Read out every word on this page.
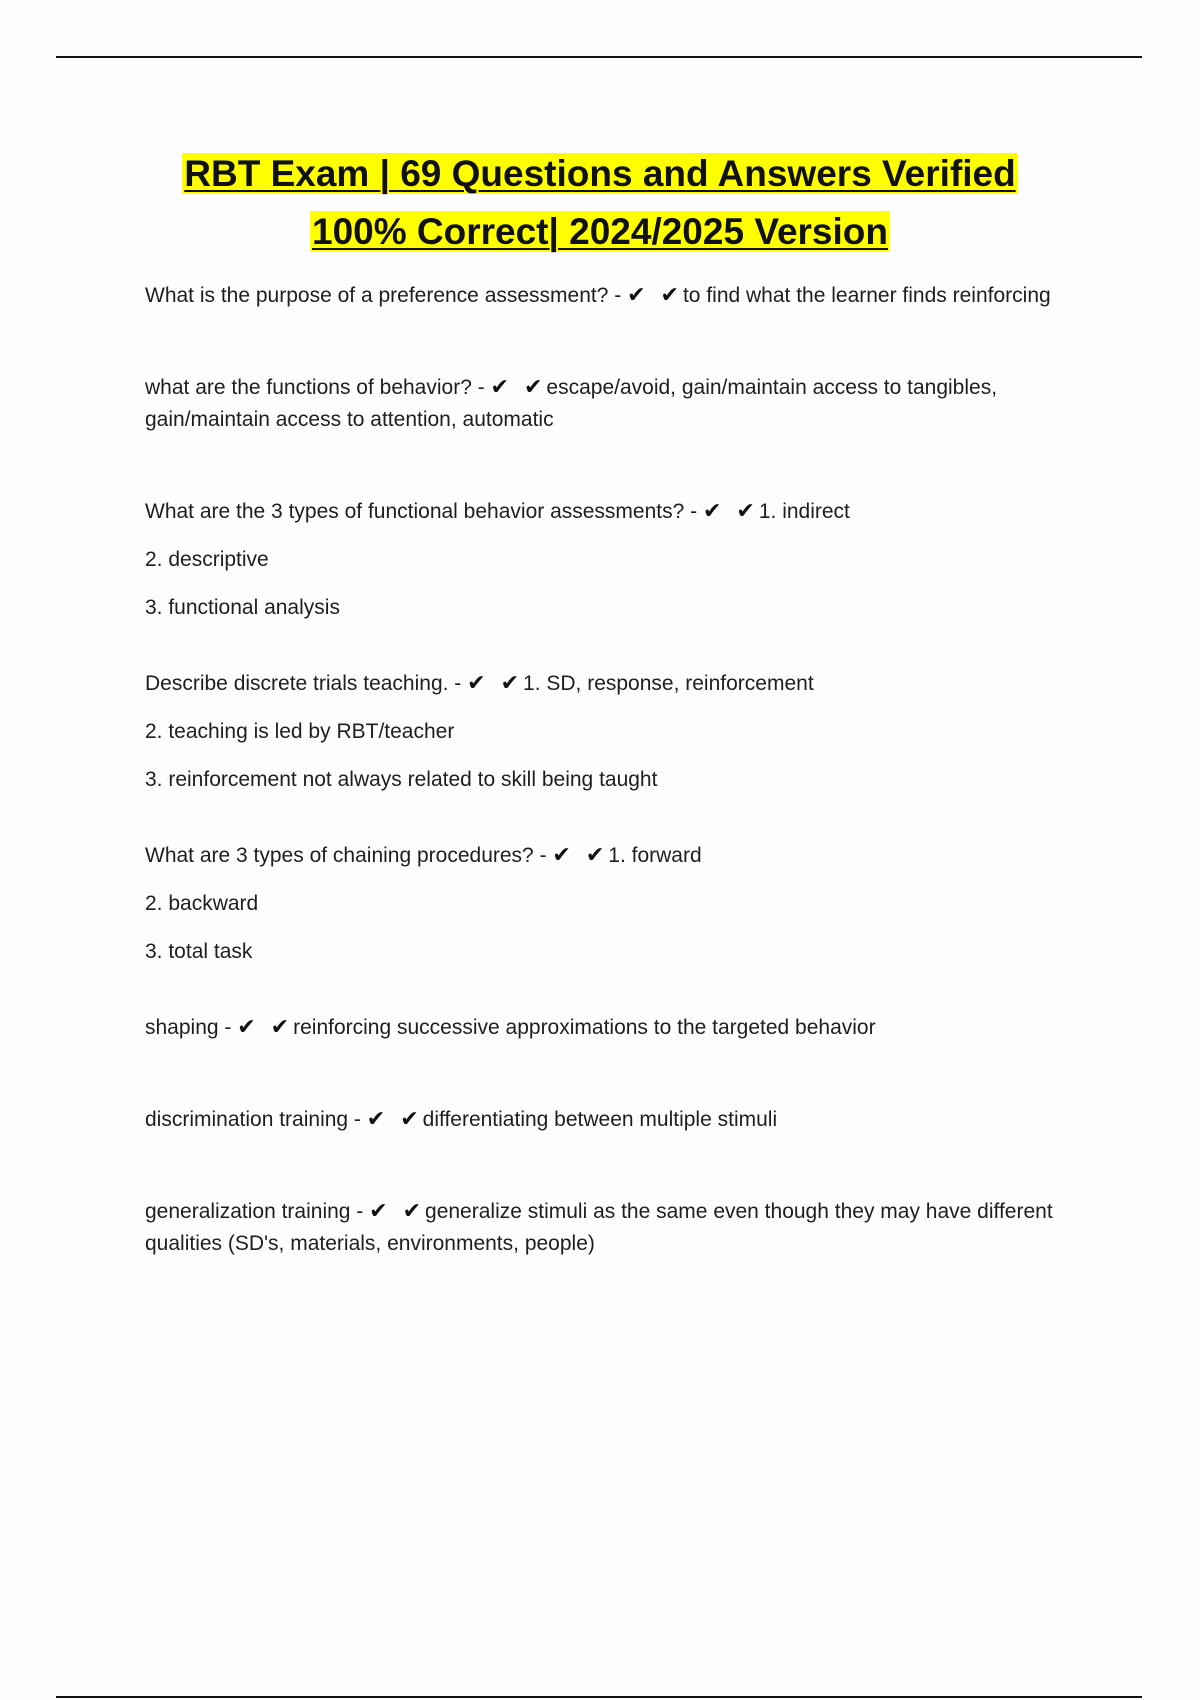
RBT Exam | 69 Questions and Answers Verified
100% Correct| 2024/2025 Version

What is the purpose of a preference assessment? - ✔ ✔to find what the learner finds reinforcing

what are the functions of behavior? - ✔ ✔escape/avoid, gain/maintain access to tangibles, gain/maintain access to attention, automatic

What are the 3 types of functional behavior assessments? - ✔ ✔1. indirect

2. descriptive

3. functional analysis

Describe discrete trials teaching. - ✔ ✔1. SD, response, reinforcement

2. teaching is led by RBT/teacher

3. reinforcement not always related to skill being taught

What are 3 types of chaining procedures? - ✔ ✔1. forward

2. backward

3. total task

shaping - ✔ ✔reinforcing successive approximations to the targeted behavior

discrimination training - ✔ ✔differentiating between multiple stimuli

generalization training - ✔ ✔generalize stimuli as the same even though they may have different qualities (SD's, materials, environments, people)
